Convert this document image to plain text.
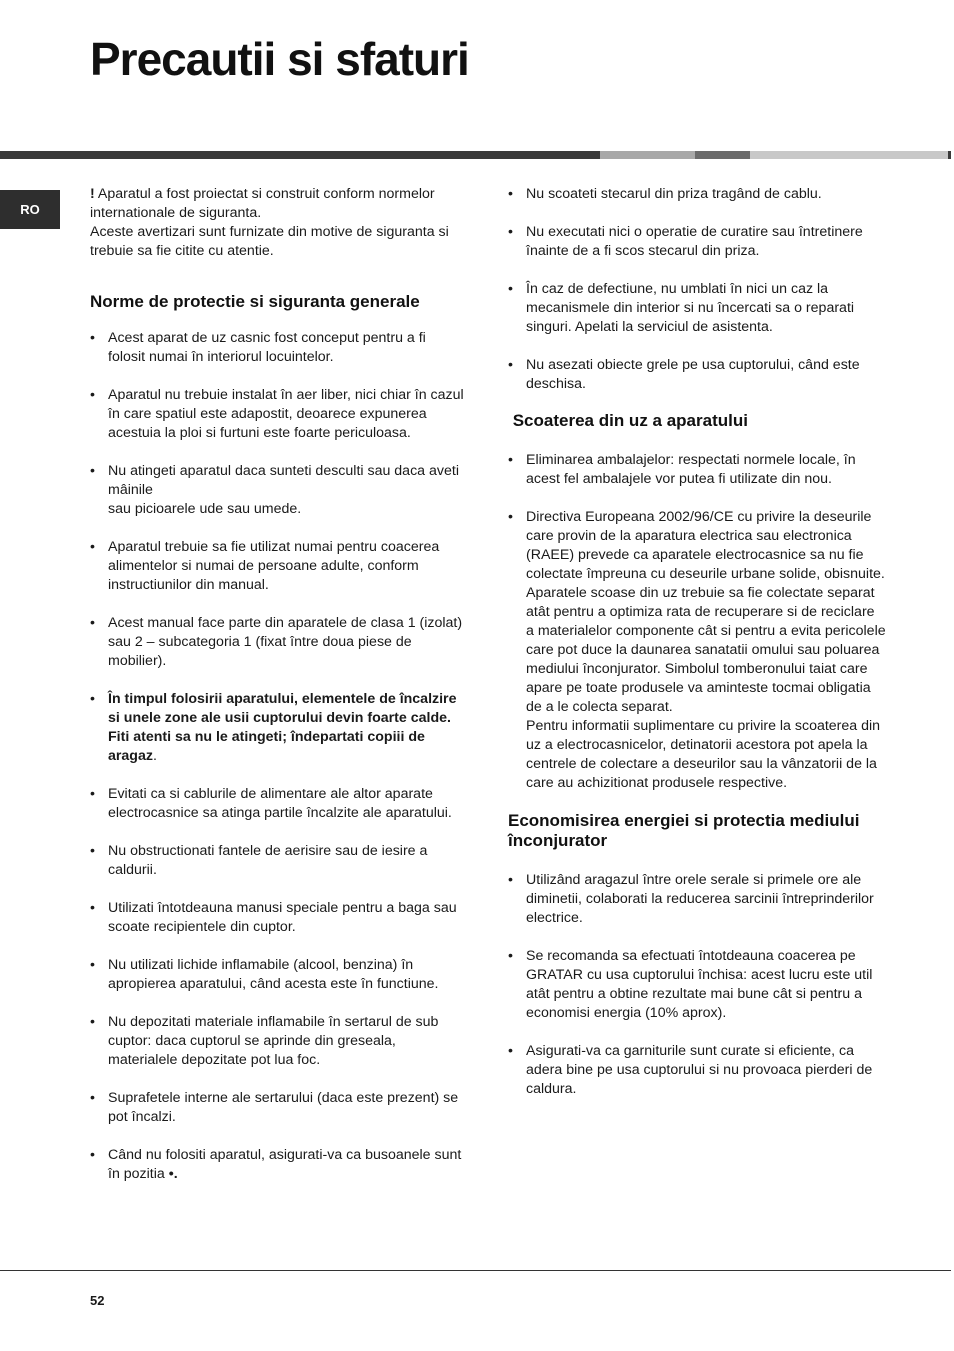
Precautii si sfaturi
RO

! Aparatul a fost proiectat si construit conform normelor internationale de siguranta.
Aceste avertizari sunt furnizate din motive de siguranta si trebuie sa fie citite cu atentie.

Norme de protectie si siguranta generale
• Acest aparat de uz casnic fost conceput pentru a fi folosit numai în interiorul locuintelor.
• Aparatul nu trebuie instalat în aer liber, nici chiar în cazul în care spatiul este adapostit, deoarece expunerea acestuia la ploi si furtuni este foarte periculoasa.
• Nu atingeti aparatul daca sunteti desculti sau daca aveti mâinile
sau picioarele ude sau umede.
• Aparatul trebuie sa fie utilizat numai pentru coacerea alimentelor si numai de persoane adulte, conform instructiunilor din manual.
• Acest manual face parte din aparatele de clasa 1 (izolat) sau 2 – subcategoria 1 (fixat între doua piese de mobilier).
• În timpul folosirii aparatului, elementele de încalzire si unele zone ale usii cuptorului devin foarte calde. Fiti atenti sa nu le atingeti; îndepartati copiii de aragaz.
• Evitati ca si cablurile de alimentare ale altor aparate electrocasnice sa atinga partile încalzite ale aparatului.
• Nu obstructionati fantele de aerisire sau de iesire a caldurii.
• Utilizati întotdeauna manusi speciale pentru a baga sau scoate recipientele din cuptor.
• Nu utilizati lichide inflamabile (alcool, benzina) în apropierea aparatului, când acesta este în functiune.
• Nu depozitati materiale inflamabile în sertarul de sub cuptor: daca cuptorul se aprinde din greseala, materialele depozitate pot lua foc.
• Suprafetele interne ale sertarului (daca este prezent) se pot încalzi.
• Când nu folositi aparatul, asigurati-va ca busoanele sunt în pozitia •.
• Nu scoateti stecarul din priza tragând de cablu.
• Nu executati nici o operatie de curatire sau întretinere înainte de a fi scos stecarul din priza.
• În caz de defectiune, nu umblati în nici un caz la mecanismele din interior si nu încercati sa o reparati singuri. Apelati la serviciul de asistenta.
• Nu asezati obiecte grele pe usa cuptorului, când este deschisa.
Scoaterea din uz a aparatului
• Eliminarea ambalajelor: respectati normele locale, în acest fel ambalajele vor putea fi utilizate din nou.
• Directiva Europeana 2002/96/CE cu privire la deseurile care provin de la aparatura electrica sau electronica (RAEE) prevede ca aparatele electrocasnice sa nu fie colectate împreuna cu deseurile urbane solide, obisnuite. Aparatele scoase din uz trebuie sa fie colectate separat atât pentru a optimiza rata de recuperare si de reciclare a materialelor componente cât si pentru a evita pericolele care pot duce la daunarea sanatatii omului sau poluarea mediului înconjurator. Simbolul tomberonului taiat care apare pe toate produsele va aminteste tocmai obligatia de a le colecta separat.
Pentru informatii suplimentare cu privire la scoaterea din uz a electrocasnicelor, detinatorii acestora pot apela la centrele de colectare a deseurilor sau la vânzatorii de la care au achizitionat produsele respective.
Economisirea energiei si protectia mediului înconjurator
• Utilizând aragazul între orele serale si primele ore ale diminetii, colaborati la reducerea sarcinii întreprinderilor electrice.
• Se recomanda sa efectuati întotdeauna coacerea pe GRATAR cu usa cuptorului închisa: acest lucru este util atât pentru a obtine rezultate mai bune cât si pentru a economisi energia (10% aprox).
• Asigurati-va ca garniturile sunt curate si eficiente, ca adera bine pe usa cuptorului si nu provoaca pierderi de caldura.
52
